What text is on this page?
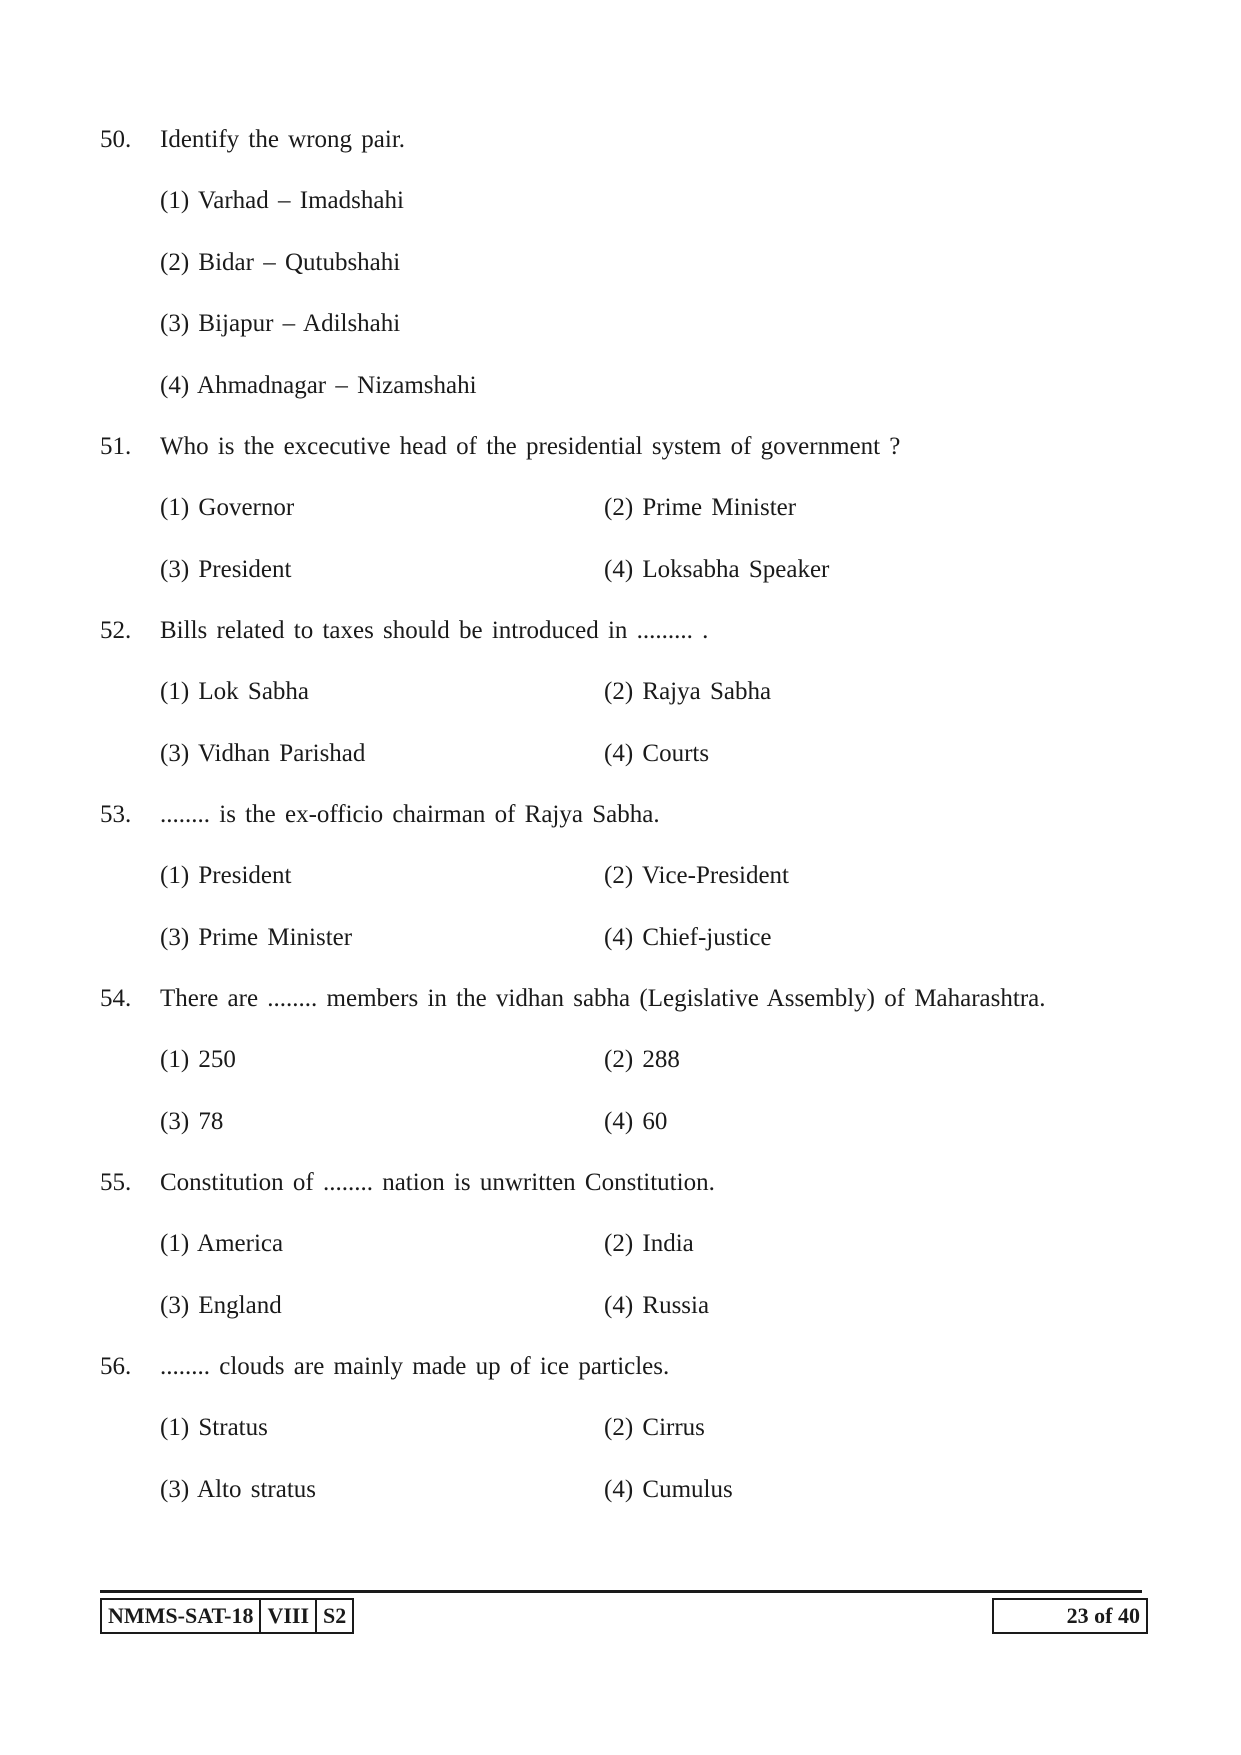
50. Identify the wrong pair.
(1) Varhad – Imadshahi
(2) Bidar – Qutubshahi
(3) Bijapur – Adilshahi
(4) Ahmadnagar – Nizamshahi
51. Who is the excecutive head of the presidential system of government ?
(1) Governor	(2) Prime Minister
(3) President	(4) Loksabha Speaker
52. Bills related to taxes should be introduced in ......... .
(1) Lok Sabha	(2) Rajya Sabha
(3) Vidhan Parishad	(4) Courts
53. ........ is the ex-officio chairman of Rajya Sabha.
(1) President	(2) Vice-President
(3) Prime Minister	(4) Chief-justice
54. There are ........ members in the vidhan sabha (Legislative Assembly) of Maharashtra.
(1) 250	(2) 288
(3) 78	(4) 60
55. Constitution of ........ nation is unwritten Constitution.
(1) America	(2) India
(3) England	(4) Russia
56. ........ clouds are mainly made up of ice particles.
(1) Stratus	(2) Cirrus
(3) Alto stratus	(4) Cumulus
NMMS-SAT-18 VIII S2	23 of 40
